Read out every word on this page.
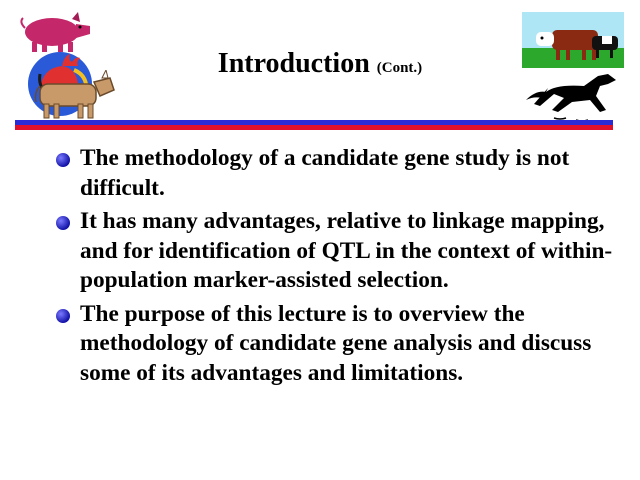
Introduction (Cont.)
The methodology of a candidate gene study is not difficult.
It has many advantages, relative to linkage mapping, and for identification of QTL in the context of within-population marker-assisted selection.
The purpose of this lecture is to overview the methodology of candidate gene analysis and discuss some of its advantages and limitations.
